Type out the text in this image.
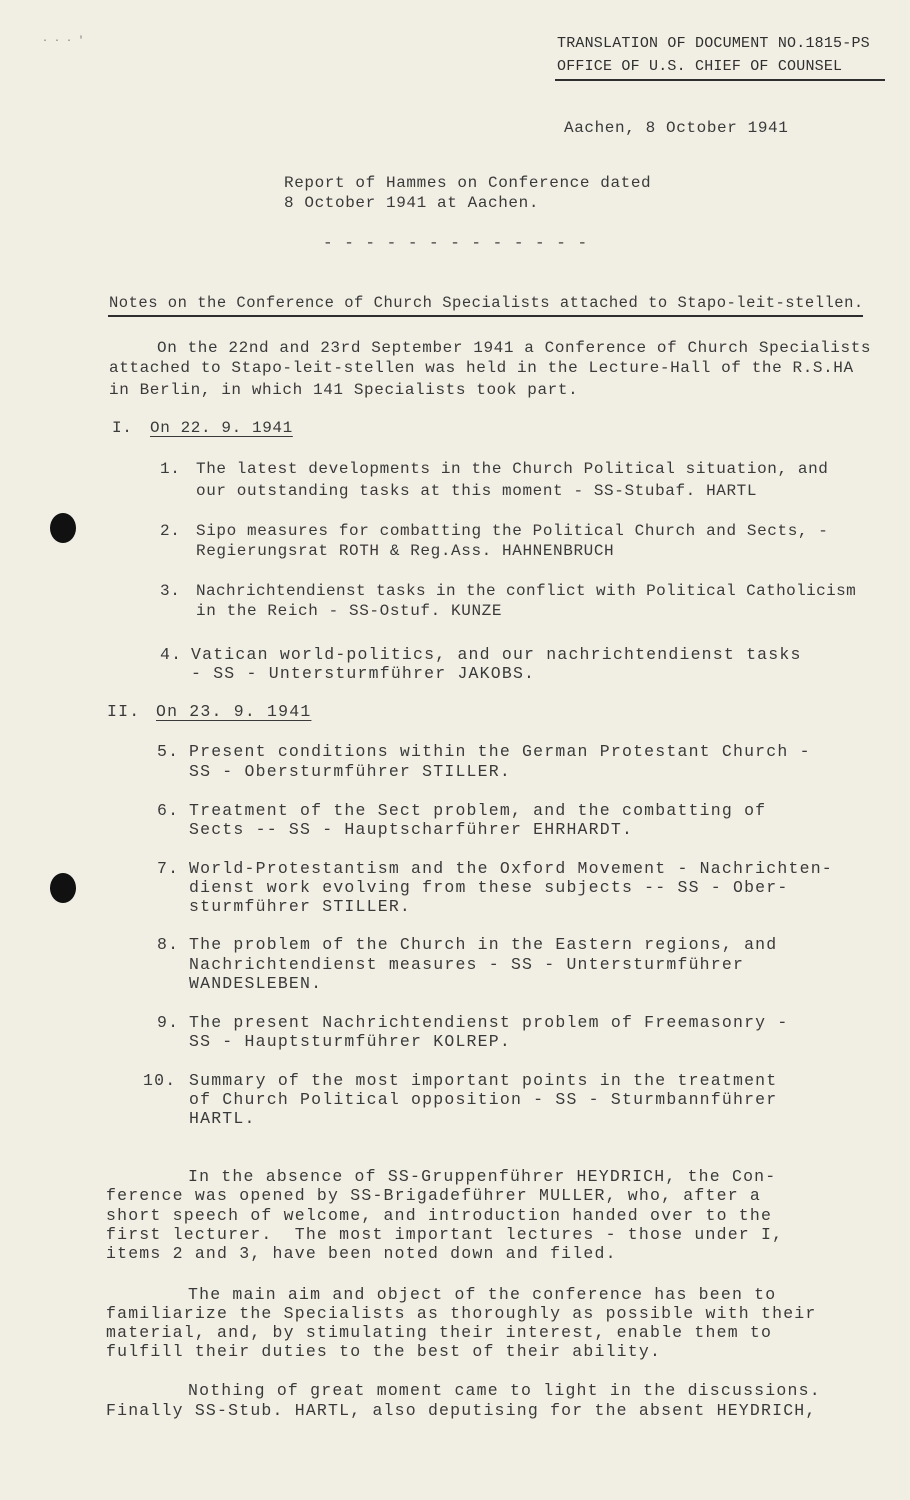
· · · '	TRANSLATION OF DOCUMENT NO.1815-PS
OFFICE OF U.S. CHIEF OF COUNSEL
Aachen, 8 October 1941
Report of Hammes on Conference dated
8 October 1941 at Aachen.
- - - - - - - - - - - - -
Notes on the Conference of Church Specialists attached to Stapo-leit-stellen.
On the 22nd and 23rd September 1941 a Conference of Church Specialists
attached to Stapo-leit-stellen was held in the Lecture-Hall of the R.S.HA
in Berlin, in which 141 Specialists took part.
I. On 22. 9. 1941
1. The latest developments in the Church Political situation, and
our outstanding tasks at this moment - SS-Stubaf. HARTL
2. Sipo measures for combatting the Political Church and Sects, -
Regierungsrat ROTH & Reg.Ass. HAHNENBRUCH
3. Nachrichtendienst tasks in the conflict with Political Catholicism
in the Reich - SS-Ostuf. KUNZE
4. Vatican world-politics, and our nachrichtendienst tasks
- SS - Untersturmführer JAKOBS.
II. On 23. 9. 1941
5. Present conditions within the German Protestant Church -
SS - Obersturmführer STILLER.
6. Treatment of the Sect problem, and the combatting of
Sects -- SS - Hauptscharführer EHRHARDT.
7. World-Protestantism and the Oxford Movement - Nachrichten-
dienst work evolving from these subjects -- SS - Ober-
sturmführer STILLER.
8. The problem of the Church in the Eastern regions, and
Nachrichtendienst measures - SS - Untersturmführer
WANDESLEBEN.
9. The present Nachrichtendienst problem of Freemasonry -
SS - Hauptsturmführer KOLREP.
10. Summary of the most important points in the treatment
of Church Political opposition - SS - Sturmbannführer
HARTL.
In the absence of SS-Gruppenführer HEYDRICH, the Con-
ference was opened by SS-Brigadeführer MULLER, who, after a
short speech of welcome, and introduction handed over to the
first lecturer.  The most important lectures - those under I,
items 2 and 3, have been noted down and filed.
The main aim and object of the conference has been to
familiarize the Specialists as thoroughly as possible with their
material, and, by stimulating their interest, enable them to
fulfill their duties to the best of their ability.
Nothing of great moment came to light in the discussions.
Finally SS-Stub. HARTL, also deputising for the absent HEYDRICH,
